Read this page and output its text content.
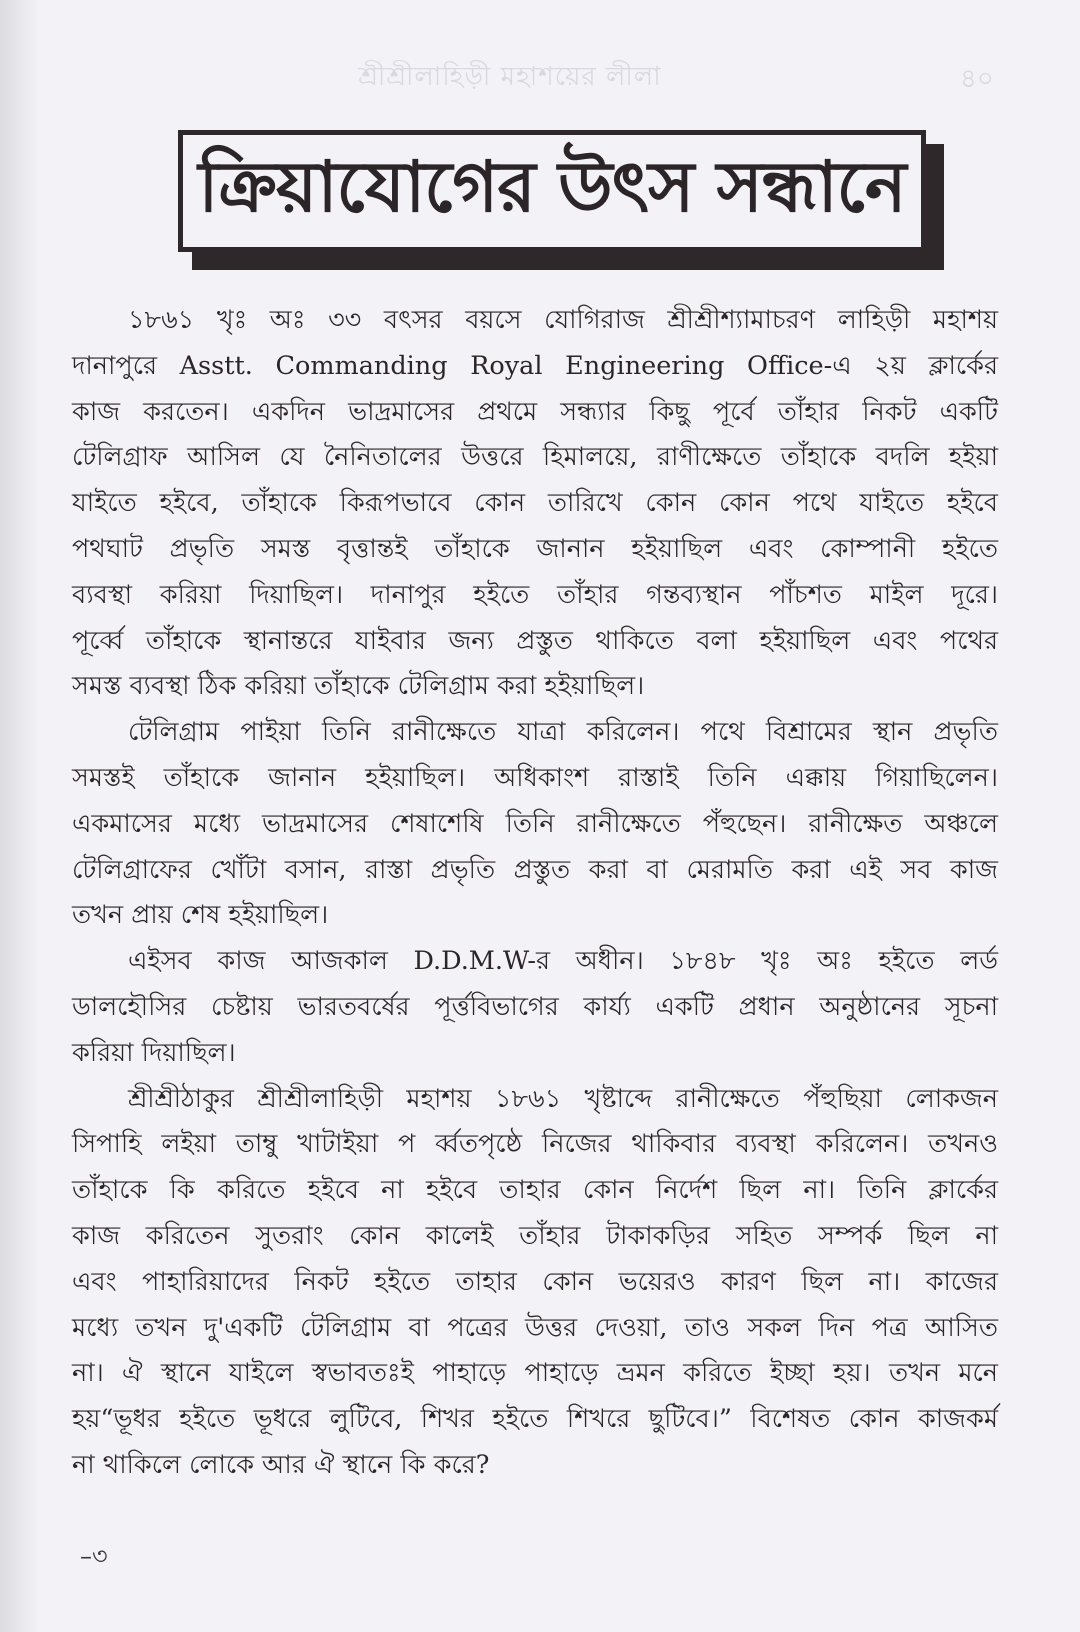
শ্রীশ্রীলাহিড়ী মহাশয়ের লীলা	৪০
ক্রিয়াযোগের উৎস সন্ধানে
১৮৬১ খৃঃ অঃ ৩৩ বৎসর বয়সে যোগিরাজ শ্রীশ্রীশ্যামাচরণ লাহিড়ী মহাশয়
দানাপুরে Asstt. Commanding Royal Engineering Office-এ ২য় ক্লার্কের
কাজ করতেন। একদিন ভাদ্রমাসের প্রথমে সন্ধ্যার কিছু পূর্বে তাঁহার নিকট একটি
টেলিগ্রাফ আসিল যে নৈনিতালের উত্তরে হিমালয়ে, রাণীক্ষেতে তাঁহাকে বদলি হইয়া
যাইতে হইবে, তাঁহাকে কিরূপভাবে কোন তারিখে কোন কোন পথে যাইতে হইবে
পথঘাট প্রভৃতি সমস্ত বৃত্তান্তই তাঁহাকে জানান হইয়াছিল এবং কোম্পানী হইতে
ব্যবস্থা করিয়া দিয়াছিল। দানাপুর হইতে তাঁহার গন্তব্যস্থান পাঁচশত মাইল দূরে।
পূর্ব্বে তাঁহাকে স্থানান্তরে যাইবার জন্য প্রস্তুত থাকিতে বলা হইয়াছিল এবং পথের
সমস্ত ব্যবস্থা ঠিক করিয়া তাঁহাকে টেলিগ্রাম করা হইয়াছিল।
টেলিগ্রাম পাইয়া তিনি রানীক্ষেতে যাত্রা করিলেন। পথে বিশ্রামের স্থান প্রভৃতি
সমস্তই তাঁহাকে জানান হইয়াছিল। অধিকাংশ রাস্তাই তিনি এক্কায় গিয়াছিলেন।
একমাসের মধ্যে ভাদ্রমাসের শেষাশেষি তিনি রানীক্ষেতে পঁহুছেন। রানীক্ষেত অঞ্চলে
টেলিগ্রাফের খোঁটা বসান, রাস্তা প্রভৃতি প্রস্তুত করা বা মেরামতি করা এই সব কাজ
তখন প্রায় শেষ হইয়াছিল।
এইসব কাজ আজকাল D.D.M.W-র অধীন। ১৮৪৮ খৃঃ অঃ হইতে লর্ড
ডালহৌসির চেষ্টায় ভারতবর্ষের পূর্ত্তবিভাগের কার্য্য একটি প্রধান অনুষ্ঠানের সূচনা
করিয়া দিয়াছিল।
শ্রীশ্রীঠাকুর শ্রীশ্রীলাহিড়ী মহাশয় ১৮৬১ খৃষ্টাব্দে রানীক্ষেতে পঁহুছিয়া লোকজন
সিপাহি লইয়া তাম্বু খাটাইয়া প র্ব্বতপৃষ্ঠে নিজের থাকিবার ব্যবস্থা করিলেন। তখনও
তাঁহাকে কি করিতে হইবে না হইবে তাহার কোন নির্দেশ ছিল না। তিনি ক্লার্কের
কাজ করিতেন সুতরাং কোন কালেই তাঁহার টাকাকড়ির সহিত সম্পর্ক ছিল না
এবং পাহারিয়াদের নিকট হইতে তাহার কোন ভয়েরও কারণ ছিল না। কাজের
মধ্যে তখন দু'একটি টেলিগ্রাম বা পত্রের উত্তর দেওয়া, তাও সকল দিন পত্র আসিত
না। ঐ স্থানে যাইলে স্বভাবতঃই পাহাড়ে পাহাড়ে ভ্রমন করিতে ইচ্ছা হয়। তখন মনে
হয়“ভূধর হইতে ভূধরে লুটিবে, শিখর হইতে শিখরে ছুটিবে।” বিশেষত কোন কাজকর্ম
না থাকিলে লোকে আর ঐ স্থানে কি করে?
–৩
